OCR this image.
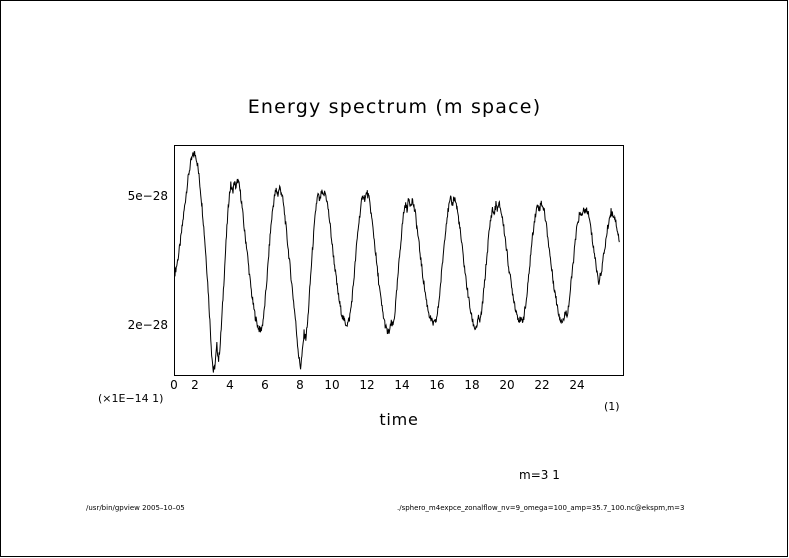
Energy spectrum (m space)
time
5e−28
2e−28
0	2	4	6	8	10	12	14	16	18	20	22	24
(×1E−14 1)
(1)
m=3 1
/usr/bin/gpview 2005–10–05	./sphero_m4expce_zonalflow_nv=9_omega=100_amp=35.7_100.nc@ekspm,m=3
